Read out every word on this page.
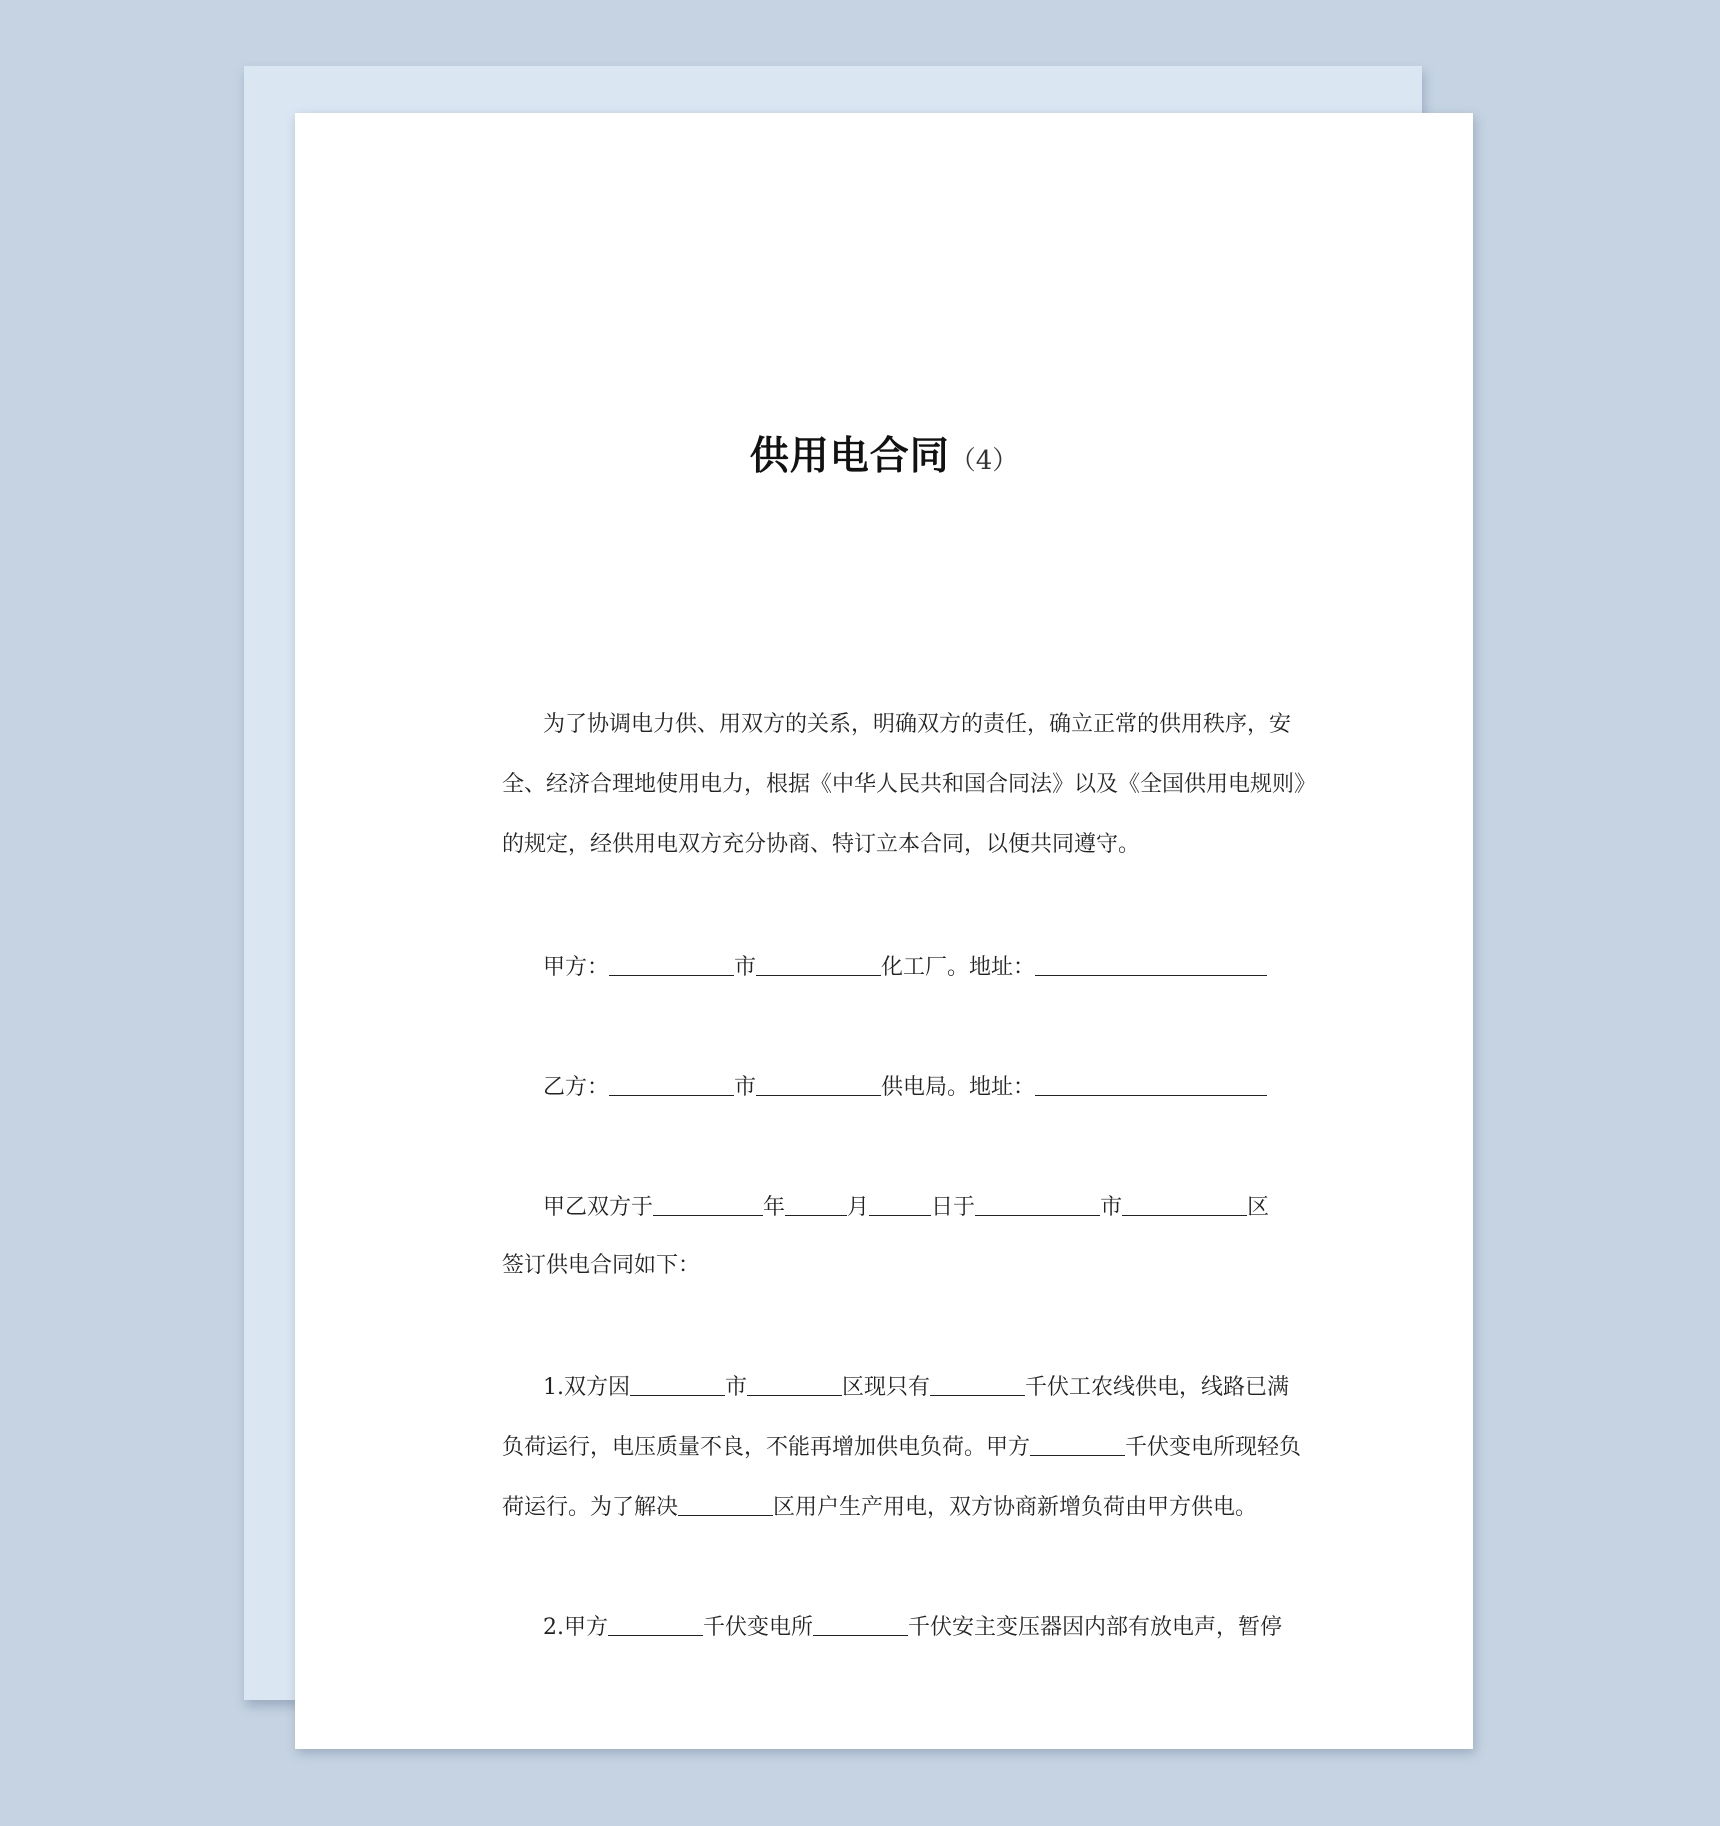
供用电合同（4）
为了协调电力供、用双方的关系，明确双方的责任，确立正常的供用秩序，安
全、经济合理地使用电力，根据《中华人民共和国合同法》以及《全国供用电规则》
的规定，经供用电双方充分协商、特订立本合同，以便共同遵守。
甲方：	市	化工厂。地址：
乙方：	市	供电局。地址：
甲乙双方于	年	月	日于	市	区
签订供电合同如下：
1.双方因	市	区现只有	千伏工农线供电，线路已满
负荷运行，电压质量不良，不能再增加供电负荷。甲方	千伏变电所现轻负
荷运行。为了解决	区用户生产用电，双方协商新增负荷由甲方供电。
2.甲方	千伏变电所	千伏安主变压器因内部有放电声，暂停
